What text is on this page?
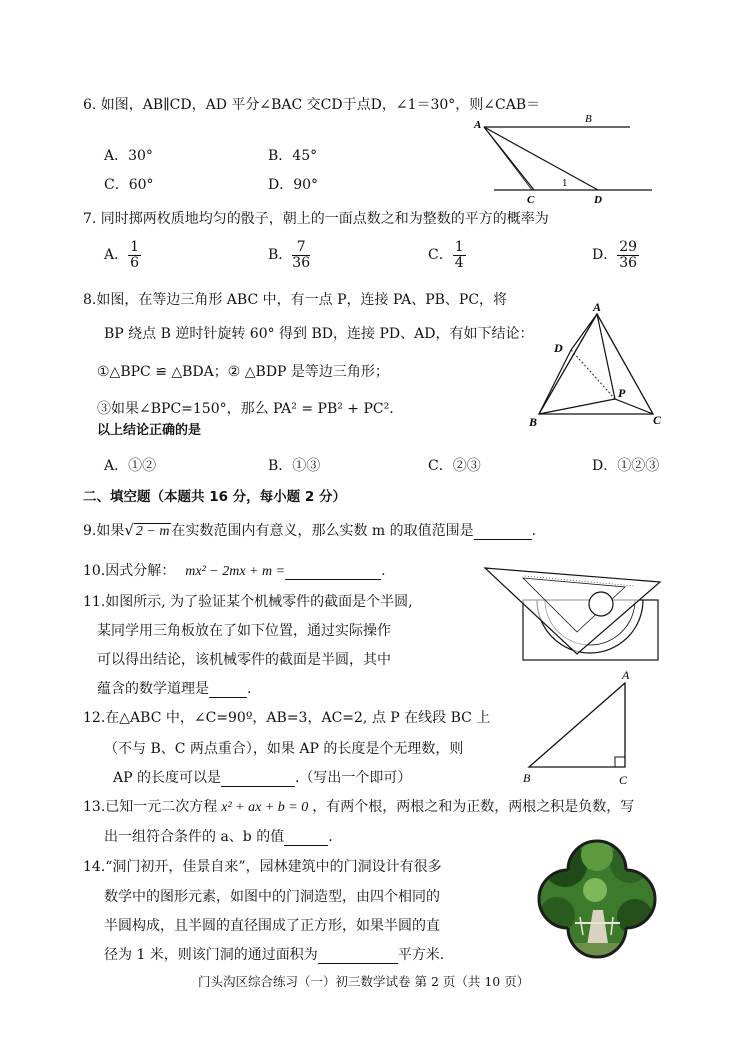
6. 如图，AB∥CD，AD 平分∠BAC 交CD于点D，∠1＝30°，则∠CAB＝
A．30°	B．45°
C．60°	D．90°
A	B
C	D
1
7. 同时掷两枚质地均匀的骰子，朝上的一面点数之和为整数的平方的概率为
A． $\frac{1}{6}$	B． $\frac{7}{36}$	C． $\frac{1}{4}$	D． $\frac{29}{36}$
8.如图，在等边三角形 ABC 中，有一点 P，连接 PA、PB、PC，将
BP 绕点 B 逆时针旋转 60° 得到 BD，连接 PD、AD，有如下结论：
①△BPC ≌ △BDA；② △BDP 是等边三角形；
③如果∠BPC=150°，那么 PA² = PB² + PC².
以上结论正确的是
A．①②	B．①③	C．②③	D．①②③
A
D
P
B	C
二、填空题（本题共 16 分，每小题 2 分）
9.如果√ 2 − m 在实数范围内有意义，那么实数 m 的取值范围是	.
10.因式分解： mx² − 2mx + m =	.
11.如图所示, 为了验证某个机械零件的截面是个半圆,
某同学用三角板放在了如下位置，通过实际操作
可以得出结论，该机械零件的截面是半圆，其中
蕴含的数学道理是	.
12.在△ABC 中，∠C=90º，AB=3，AC=2, 点 P 在线段 BC 上
（不与 B、C 两点重合），如果 AP 的长度是个无理数，则
AP 的长度可以是	.（写出一个即可）
A
B	C
13.已知一元二次方程 x² + ax + b = 0 ，有两个根，两根之和为正数，两根之积是负数，写
出一组符合条件的 a、b 的值	.
14.“洞门初开，佳景自来”，园林建筑中的门洞设计有很多
数学中的图形元素，如图中的门洞造型，由四个相同的
半圆构成，且半圆的直径围成了正方形，如果半圆的直
径为 1 米，则该门洞的通过面积为	平方米.
门头沟区综合练习（一）初三数学试卷 第 2 页（共 10 页）
